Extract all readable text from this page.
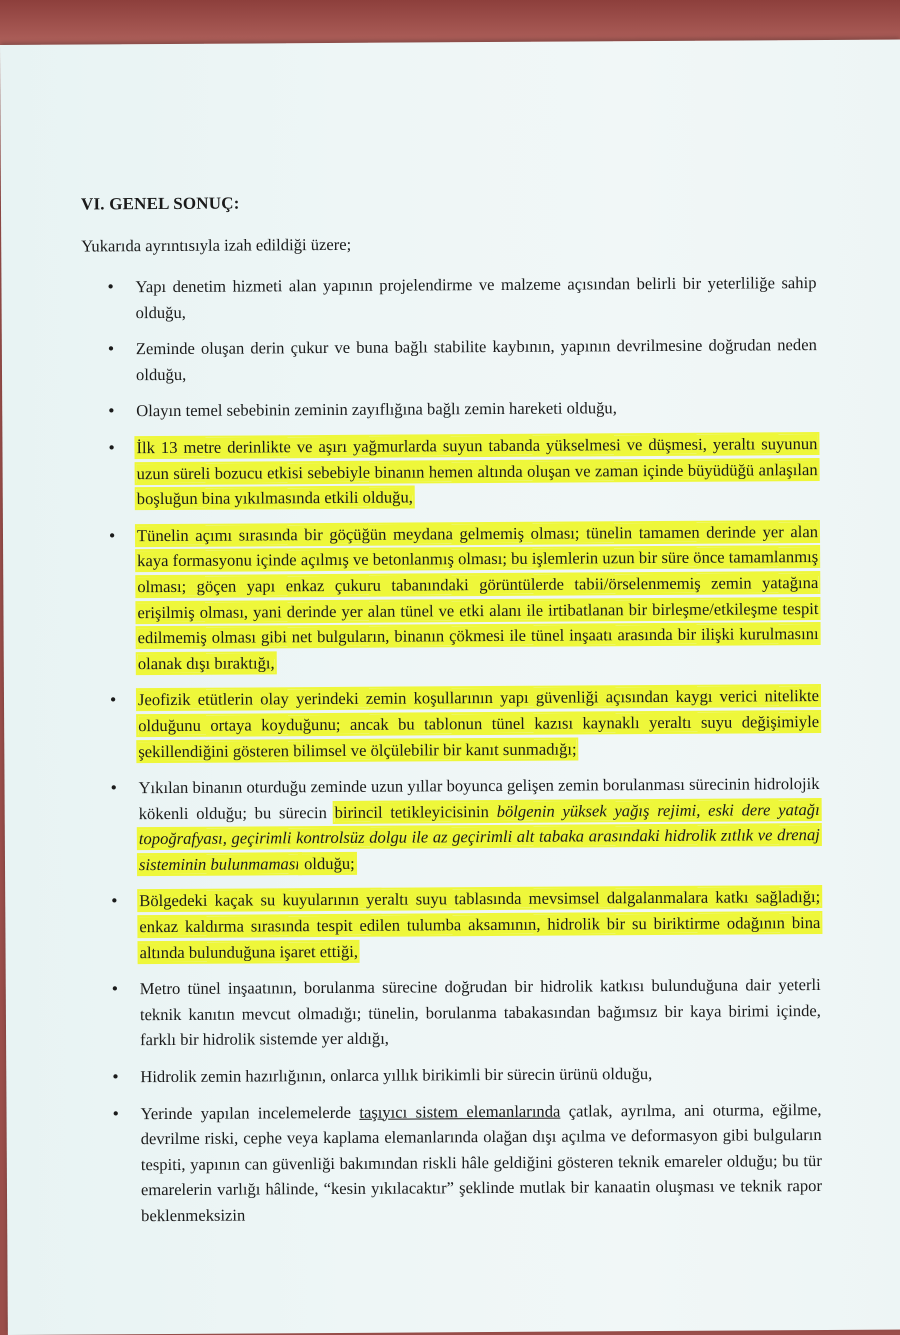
VI. GENEL SONUÇ:
Yukarıda ayrıntısıyla izah edildiği üzere;
• Yapı denetim hizmeti alan yapının projelendirme ve malzeme açısından belirli bir yeterliliğe sahip olduğu,
• Zeminde oluşan derin çukur ve buna bağlı stabilite kaybının, yapının devrilmesine doğrudan neden olduğu,
• Olayın temel sebebinin zeminin zayıflığına bağlı zemin hareketi olduğu,
• İlk 13 metre derinlikte ve aşırı yağmurlarda suyun tabanda yükselmesi ve düşmesi, yeraltı suyunun uzun süreli bozucu etkisi sebebiyle binanın hemen altında oluşan ve zaman içinde büyüdüğü anlaşılan boşluğun bina yıkılmasında etkili olduğu,
• Tünelin açımı sırasında bir göçüğün meydana gelmemiş olması; tünelin tamamen derinde yer alan kaya formasyonu içinde açılmış ve betonlanmış olması; bu işlemlerin uzun bir süre önce tamamlanmış olması; göçen yapı enkaz çukuru tabanındaki görüntülerde tabii/örselenmemiş zemin yatağına erişilmiş olması, yani derinde yer alan tünel ve etki alanı ile irtibatlanan bir birleşme/etkileşme tespit edilmemiş olması gibi net bulguların, binanın çökmesi ile tünel inşaatı arasında bir ilişki kurulmasını olanak dışı bıraktığı,
• Jeofizik etütlerin olay yerindeki zemin koşullarının yapı güvenliği açısından kaygı verici nitelikte olduğunu ortaya koyduğunu; ancak bu tablonun tünel kazısı kaynaklı yeraltı suyu değişimiyle şekillendiğini gösteren bilimsel ve ölçülebilir bir kanıt sunmadığı;
• Yıkılan binanın oturduğu zeminde uzun yıllar boyunca gelişen zemin borulanması sürecinin hidrolojik kökenli olduğu; bu sürecin birincil tetikleyicisinin bölgenin yüksek yağış rejimi, eski dere yatağı topoğrafyası, geçirimli kontrolsüz dolgu ile az geçirimli alt tabaka arasındaki hidrolik zıtlık ve drenaj sisteminin bulunmaması olduğu;
• Bölgedeki kaçak su kuyularının yeraltı suyu tablasında mevsimsel dalgalanmalara katkı sağladığı; enkaz kaldırma sırasında tespit edilen tulumba aksamının, hidrolik bir su biriktirme odağının bina altında bulunduğuna işaret ettiği,
• Metro tünel inşaatının, borulanma sürecine doğrudan bir hidrolik katkısı bulunduğuna dair yeterli teknik kanıtın mevcut olmadığı; tünelin, borulanma tabakasından bağımsız bir kaya birimi içinde, farklı bir hidrolik sistemde yer aldığı,
• Hidrolik zemin hazırlığının, onlarca yıllık birikimli bir sürecin ürünü olduğu,
• Yerinde yapılan incelemelerde taşıyıcı sistem elemanlarında çatlak, ayrılma, ani oturma, eğilme, devrilme riski, cephe veya kaplama elemanlarında olağan dışı açılma ve deformasyon gibi bulguların tespiti, yapının can güvenliği bakımından riskli hâle geldiğini gösteren teknik emareler olduğu; bu tür emarelerin varlığı hâlinde, “kesin yıkılacaktır” şeklinde mutlak bir kanaatin oluşması ve teknik rapor beklenmeksizin
